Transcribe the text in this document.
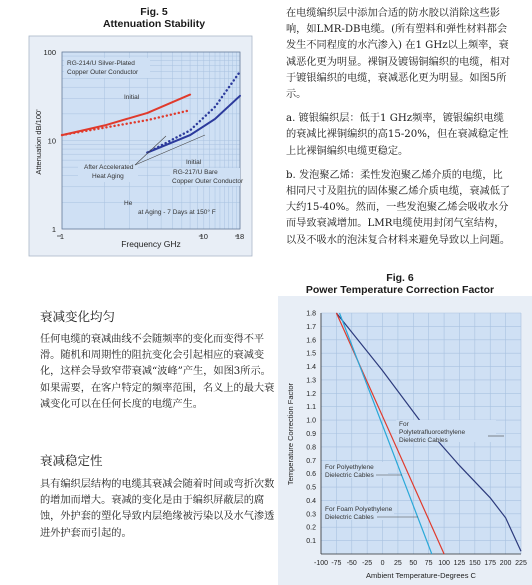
Fig. 5
Attenuation Stability
100
10
1
1	10	18
Attenuation dB/100'
Frequency GHz
RG-214/U Silver-Plated
Copper Outer Conductor
Initial
After Accelerated
Heat Aging
Initial
RG-217/U Bare
Copper Outer Conductor
He
at Aging - 7 Days at 150° F

在电缆编织层中添加合适的防水胶以消除这些影响，如LMR-DB电缆。(所有塑料和弹性材料都会发生不同程度的水汽渗入) 在1 GHz以上频率，衰减恶化更为明显。裸铜及镀锡铜编织的电缆，相对于镀银编织的电缆，衰减恶化更为明显。如图5所示。

a. 镀银编织层：低于1 GHz频率，镀银编织电缆的衰减比裸铜编织的高15-20%，但在衰减稳定性上比裸铜编织电缆更稳定。

b. 发泡聚乙烯：柔性发泡聚乙烯介质的电缆，比相同尺寸及阻抗的固体聚乙烯介质电缆，衰减低了大约15-40%。然而，一些发泡聚乙烯会吸收水分而导致衰减增加。LMR电缆使用封闭气室结构，以及不吸水的泡沫复合材料来避免导致以上问题。

衰减变化均匀
任何电缆的衰减曲线不会随频率的变化而变得不平滑。随机和周期性的阻抗变化会引起相应的衰减变化，这样会导致窄带衰减“波峰”产生，如图3所示。如果需要，在客户特定的频率范围，名义上的最大衰减变化可以在任何长度的电缆产生。
衰减稳定性
具有编织层结构的电缆其衰减会随着时间或弯折次数的增加而增大。衰减的变化是由于编织屏蔽层的腐蚀，外护套的塑化导致内层绝缘被污染以及水气渗透进外护套而引起的。
Fig. 6
Power Temperature Correction Factor
1.8
1.7
1.6
1.5
1.4
1.3
1.2
1.1
1.0
0.9
0.8
0.7
0.6
0.5
0.4
0.3
0.2
0.1
-100 -75 -50 -25 0 25 50 75 100 125 150 175 200 225
Temperature Correction Factor
Ambient Temperature-Degrees C
For
Polytetrafluorcethylene
Dielectric Cables
For Polyethylene
Dielectric Cables
For Foam Polyethylene
Dielectric Cables
